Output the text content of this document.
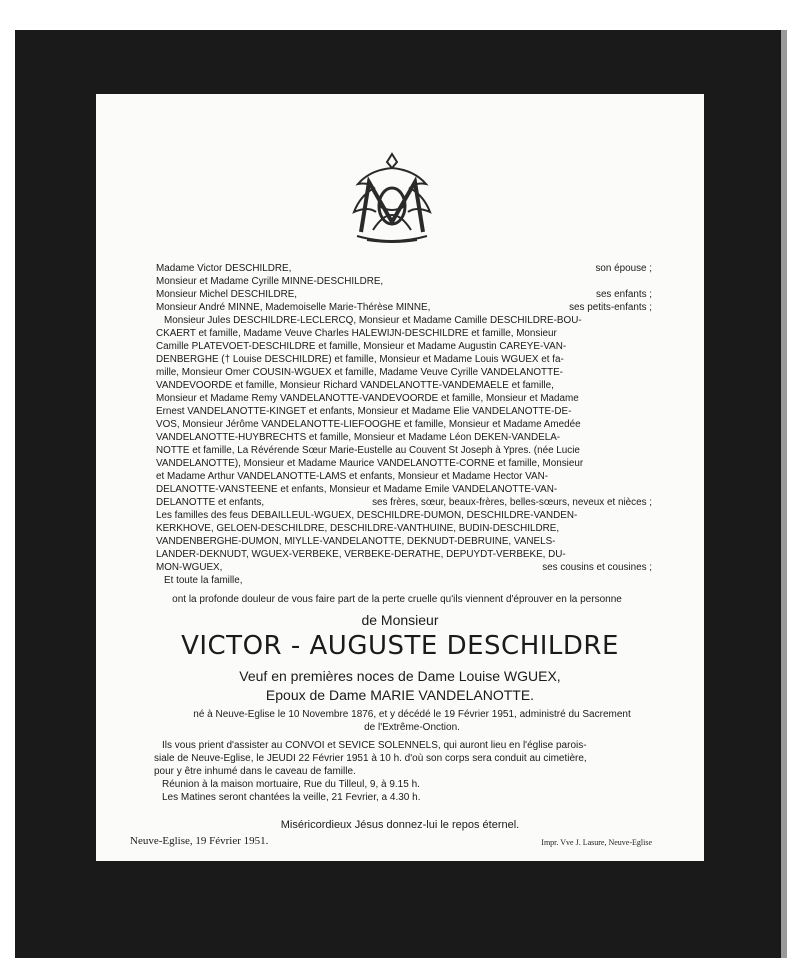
Madame Victor DESCHILDRE,	son épouse ;
Monsieur et Madame Cyrille MINNE-DESCHILDRE,
Monsieur Michel DESCHILDRE,	ses enfants ;
Monsieur André MINNE, Mademoiselle Marie-Thérèse MINNE,	ses petits-enfants ;
Monsieur Jules DESCHILDRE-LECLERCQ, Monsieur et Madame Camille DESCHILDRE-BOU-
CKAERT et famille, Madame Veuve Charles HALEWIJN-DESCHILDRE et famille, Monsieur
Camille PLATEVOET-DESCHILDRE et famille, Monsieur et Madame Augustin CAREYE-VAN-
DENBERGHE († Louise DESCHILDRE) et famille, Monsieur et Madame Louis WGUEX et fa-
mille, Monsieur Omer COUSIN-WGUEX et famille, Madame Veuve Cyrille VANDELANOTTE-
VANDEVOORDE et famille, Monsieur Richard VANDELANOTTE-VANDEMAELE et famille,
Monsieur et Madame Remy VANDELANOTTE-VANDEVOORDE et famille, Monsieur et Madame
Ernest VANDELANOTTE-KINGET et enfants, Monsieur et Madame Elie VANDELANOTTE-DE-
VOS, Monsieur Jérôme VANDELANOTTE-LIEFOOGHE et famille, Monsieur et Madame Amedée
VANDELANOTTE-HUYBRECHTS et famille, Monsieur et Madame Léon DEKEN-VANDELA-
NOTTE et famille, La Révérende Sœur Marie-Eustelle au Couvent St Joseph à Ypres. (née Lucie
VANDELANOTTE), Monsieur et Madame Maurice VANDELANOTTE-CORNE et famille, Monsieur
et Madame Arthur VANDELANOTTE-LAMS et enfants, Monsieur et Madame Hector VAN-
DELANOTTE-VANSTEENE et enfants, Monsieur et Madame Emile VANDELANOTTE-VAN-
DELANOTTE et enfants,	ses frères, sœur, beaux-frères, belles-sœurs, neveux et nièces ;
Les familles des feus DEBAILLEUL-WGUEX, DESCHILDRE-DUMON, DESCHILDRE-VANDEN-
KERKHOVE, GELOEN-DESCHILDRE, DESCHILDRE-VANTHUINE, BUDIN-DESCHILDRE,
VANDENBERGHE-DUMON, MIYLLE-VANDELANOTTE, DEKNUDT-DEBRUINE, VANELS-
LANDER-DEKNUDT, WGUEX-VERBEKE, VERBEKE-DERATHE, DEPUYDT-VERBEKE, DU-
MON-WGUEX,	ses cousins et cousines ;
Et toute la famille,
ont la profonde douleur de vous faire part de la perte cruelle qu'ils viennent d'éprouver en la personne
de Monsieur
VICTOR - AUGUSTE DESCHILDRE
Veuf en premières noces de Dame Louise WGUEX,
Epoux de Dame MARIE VANDELANOTTE.
né à Neuve-Eglise le 10 Novembre 1876, et y décédé le 19 Février 1951, administré du Sacrement
de l'Extrême-Onction.
Ils vous prient d'assister au CONVOI et SEVICE SOLENNELS, qui auront lieu en l'église parois-
siale de Neuve-Eglise, le JEUDI 22 Février 1951 à 10 h. d'où son corps sera conduit au cimetière,
pour y être inhumé dans le caveau de famille.
Réunion à la maison mortuaire, Rue du Tilleul, 9, à 9.15 h.
Les Matines seront chantées la veille, 21 Fevrier, a 4.30 h.
Miséricordieux Jésus donnez-lui le repos éternel.
Neuve-Eglise, 19 Février 1951.	Impr. Vve J. Lasure, Neuve-Eglise
